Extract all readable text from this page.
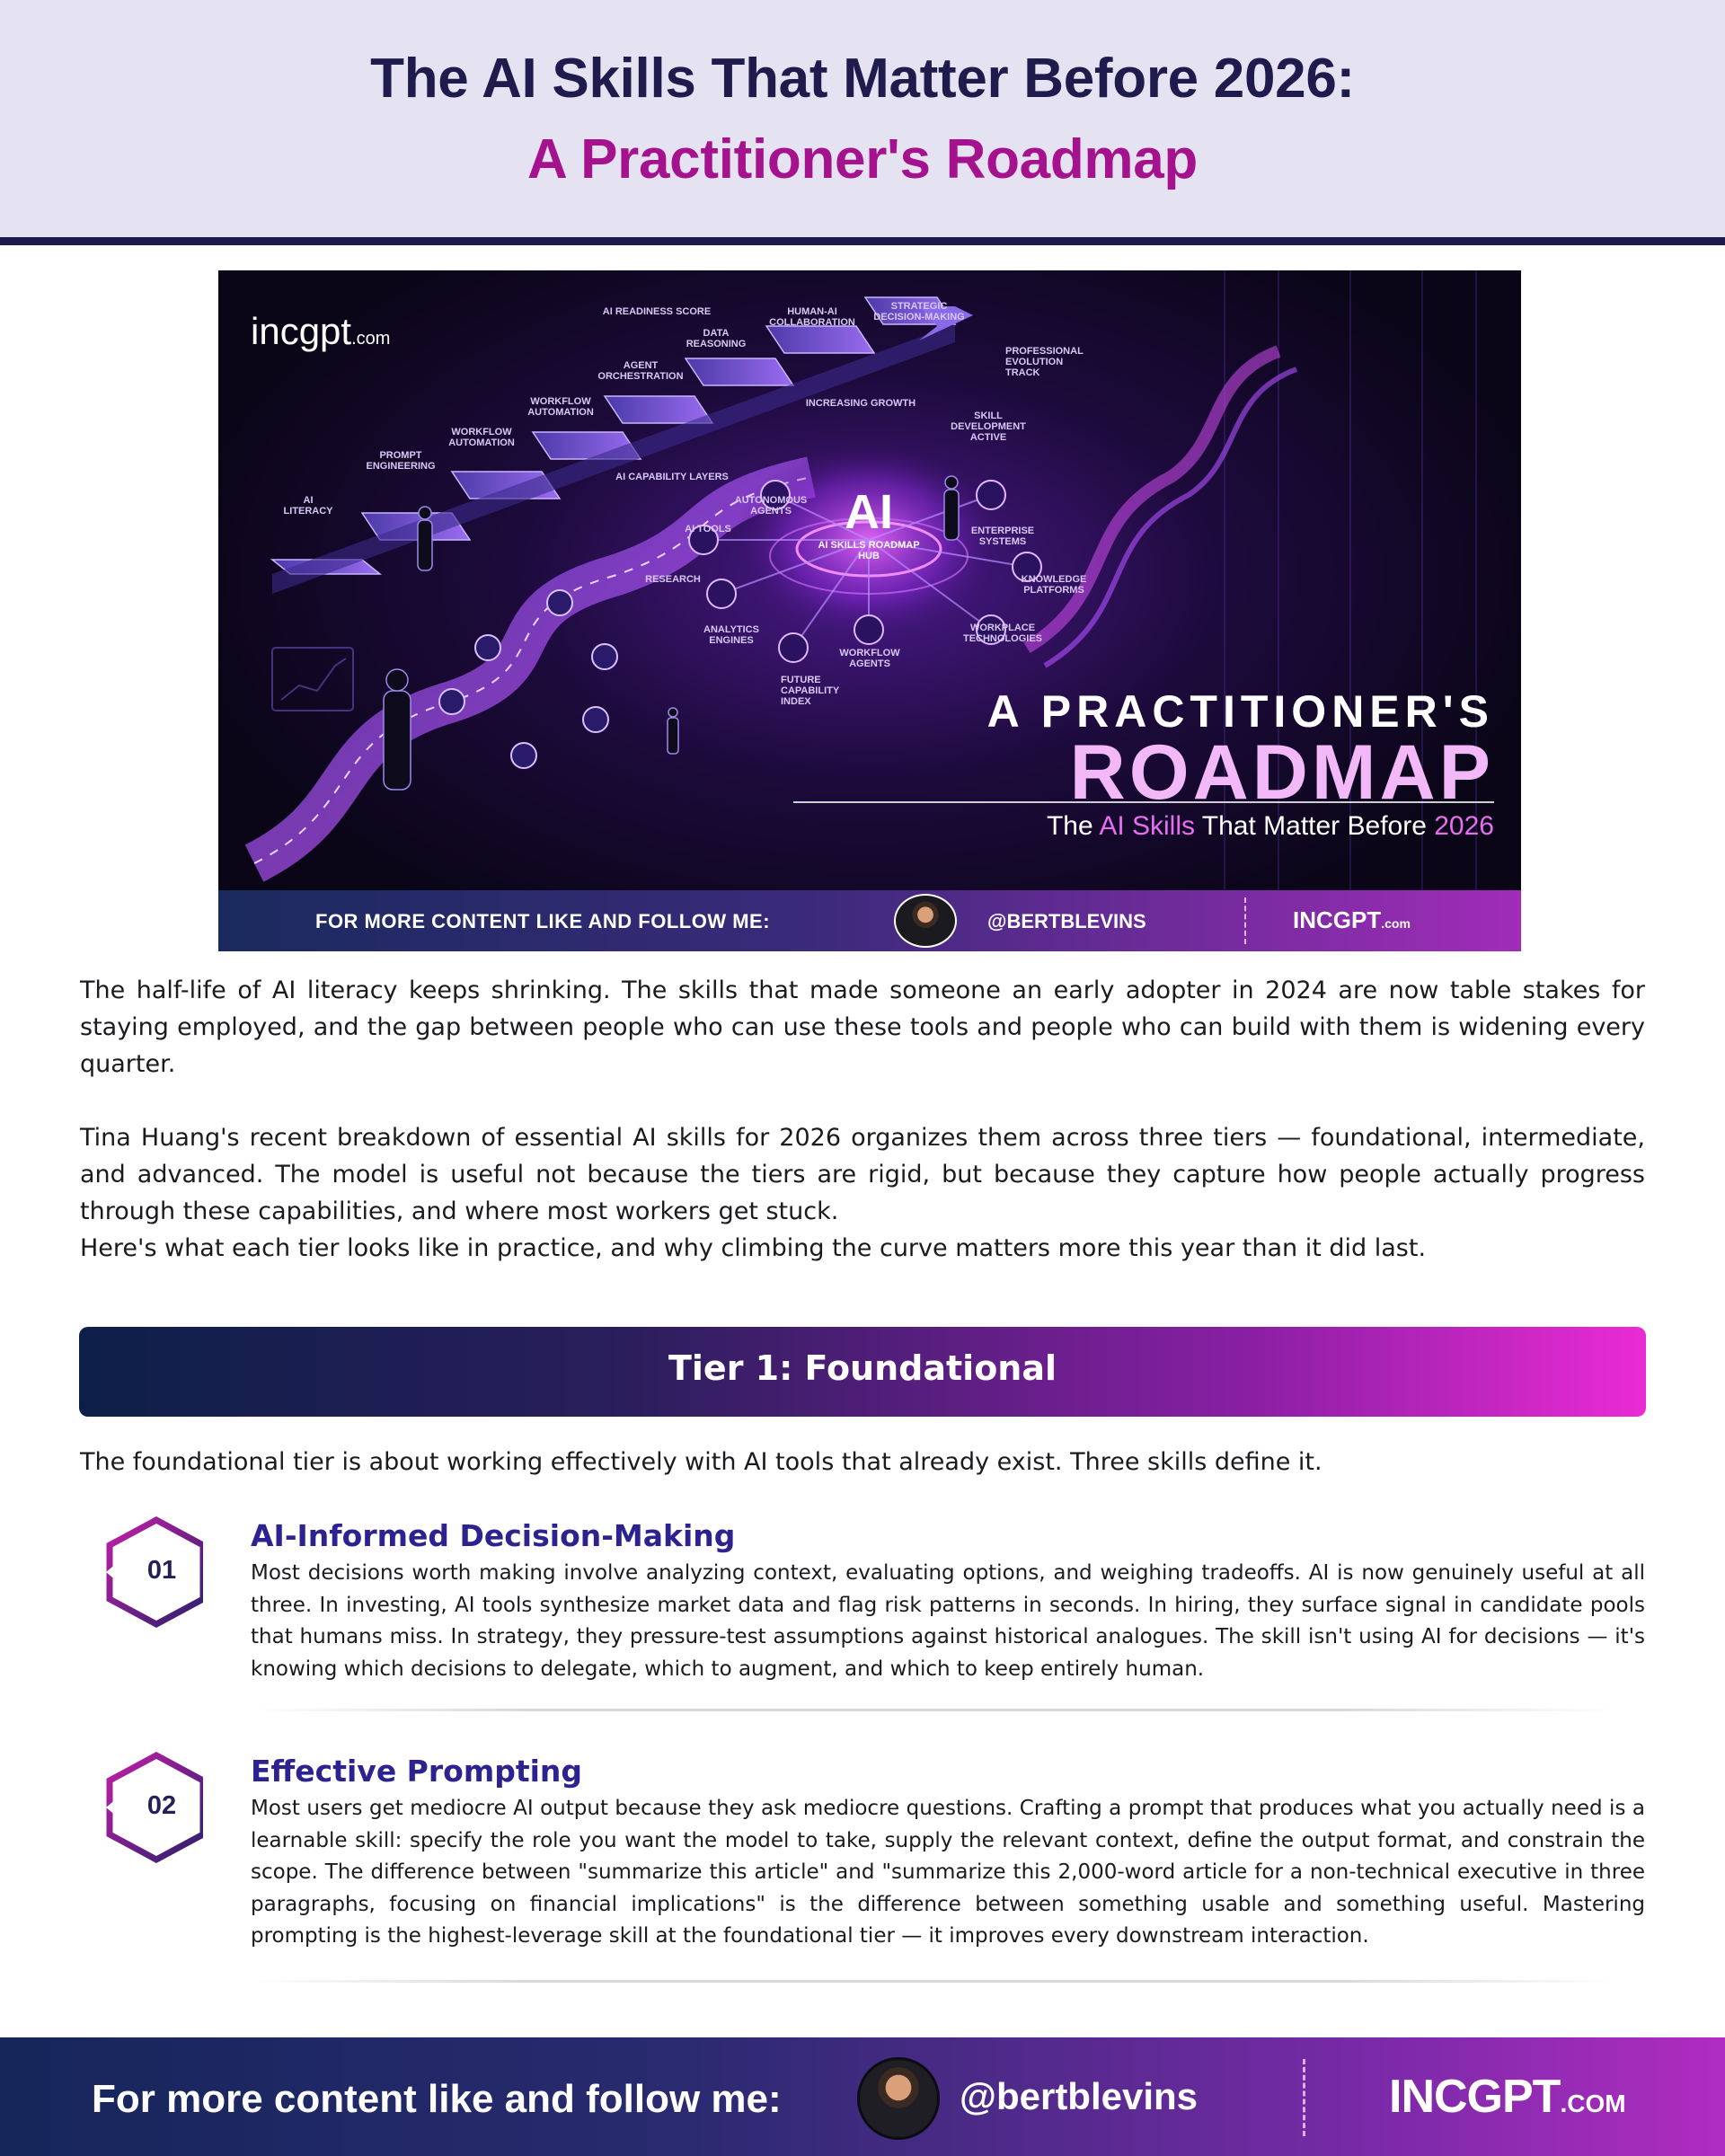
The AI Skills That Matter Before 2026:
A Practitioner's Roadmap
incgpt.com
AI LITERACY
PROMPT ENGINEERING
WORKFLOW AUTOMATION
WORKFLOW AUTOMATION
AGENT ORCHESTRATION
DATA REASONING
AI READINESS SCORE	HUMAN-AI COLLABORATION
STRATEGIC DECISION-MAKING
PROFESSIONAL EVOLUTION TRACK
INCREASING GROWTH
SKILL DEVELOPMENT ACTIVE
AI CAPABILITY LAYERS
AUTONOMOUS AGENTS
AI TOOLS
RESEARCH
ANALYTICS ENGINES
WORKFLOW AGENTS
ENTERPRISE SYSTEMS
KNOWLEDGE PLATFORMS
WORKPLACE TECHNOLOGIES
FUTURE CAPABILITY INDEX
AI
AI SKILLS ROADMAP HUB
A PRACTITIONER'S
ROADMAP
The AI Skills That Matter Before 2026
FOR MORE CONTENT LIKE AND FOLLOW ME:	@BERTBLEVINS	INCGPT.com

The half-life of AI literacy keeps shrinking. The skills that made someone an early adopter in 2024 are now table stakes for staying employed, and the gap between people who can use these tools and people who can build with them is widening every quarter.

Tina Huang's recent breakdown of essential AI skills for 2026 organizes them across three tiers — foundational, intermediate, and advanced. The model is useful not because the tiers are rigid, but because they capture how people actually progress through these capabilities, and where most workers get stuck.

Here's what each tier looks like in practice, and why climbing the curve matters more this year than it did last.

Tier 1: Foundational

The foundational tier is about working effectively with AI tools that already exist. Three skills define it.

01
AI-Informed Decision-Making

Most decisions worth making involve analyzing context, evaluating options, and weighing tradeoffs. AI is now genuinely useful at all three. In investing, AI tools synthesize market data and flag risk patterns in seconds. In hiring, they surface signal in candidate pools that humans miss. In strategy, they pressure-test assumptions against historical analogues. The skill isn't using AI for decisions — it's knowing which decisions to delegate, which to augment, and which to keep entirely human.

02
Effective Prompting

Most users get mediocre AI output because they ask mediocre questions. Crafting a prompt that produces what you actually need is a learnable skill: specify the role you want the model to take, supply the relevant context, define the output format, and constrain the scope. The difference between "summarize this article" and "summarize this 2,000-word article for a non-technical executive in three paragraphs, focusing on financial implications" is the difference between something usable and something useful. Mastering prompting is the highest-leverage skill at the foundational tier — it improves every downstream interaction.

For more content like and follow me:	@bertblevins	INCGPT.COM
